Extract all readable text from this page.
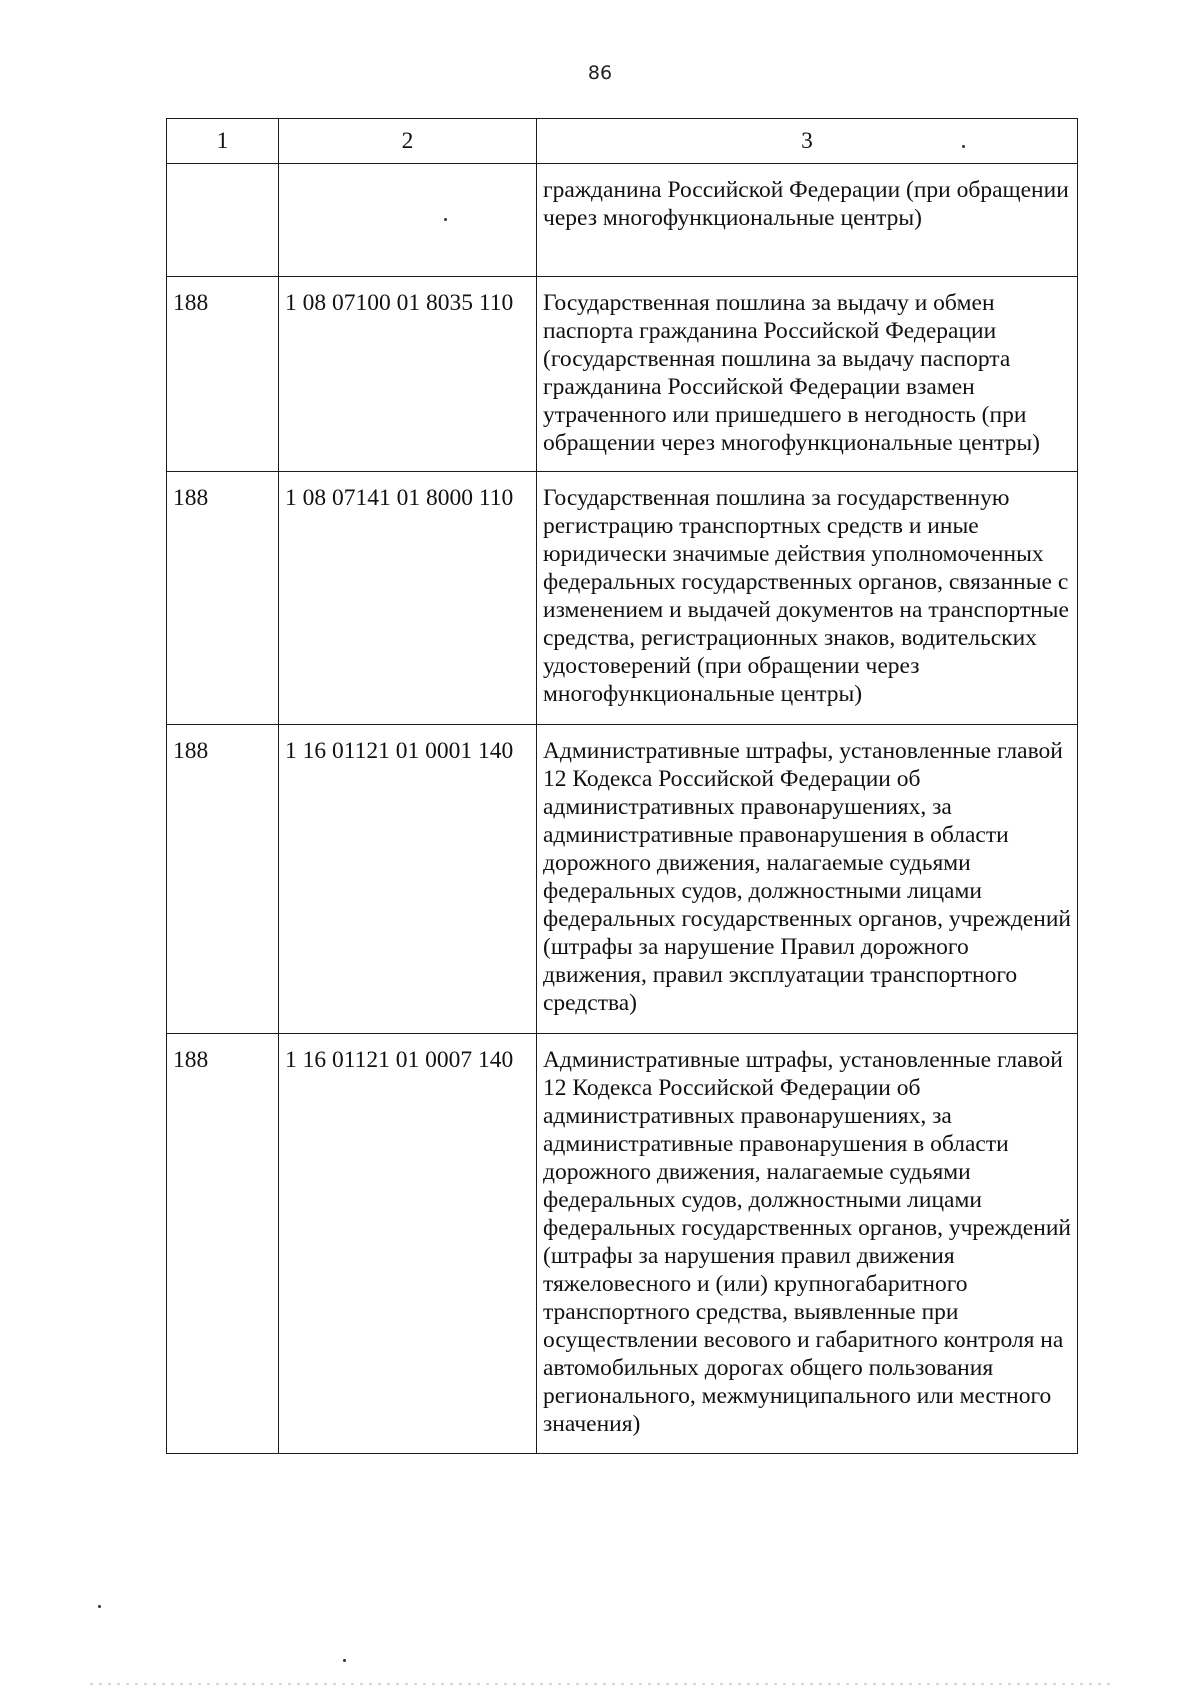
86
1	2	3
		гражданина Российской Федерации (при обращении через многофункциональные центры)
188	1 08 07100 01 8035 110	Государственная пошлина за выдачу и обмен паспорта гражданина Российской Федерации (государственная пошлина за выдачу паспорта гражданина Российской Федерации взамен утраченного или пришедшего в негодность (при обращении через многофункциональные центры)
188	1 08 07141 01 8000 110	Государственная пошлина за государственную регистрацию транспортных средств и иные юридически значимые действия уполномоченных федеральных государственных органов, связанные с изменением и выдачей документов на транспортные средства, регистрационных знаков, водительских удостоверений (при обращении через многофункциональные центры)
188	1 16 01121 01 0001 140	Административные штрафы, установленные главой 12 Кодекса Российской Федерации об административных правонарушениях, за административные правонарушения в области дорожного движения, налагаемые судьями федеральных судов, должностными лицами федеральных государственных органов, учреждений (штрафы за нарушение Правил дорожного движения, правил эксплуатации транспортного средства)
188	1 16 01121 01 0007 140	Административные штрафы, установленные главой 12 Кодекса Российской Федерации об административных правонарушениях, за административные правонарушения в области дорожного движения, налагаемые судьями федеральных судов, должностными лицами федеральных государственных органов, учреждений (штрафы за нарушения правил движения тяжеловесного и (или) крупногабаритного транспортного средства, выявленные при осуществлении весового и габаритного контроля на автомобильных дорогах общего пользования регионального, межмуниципального или местного значения)
